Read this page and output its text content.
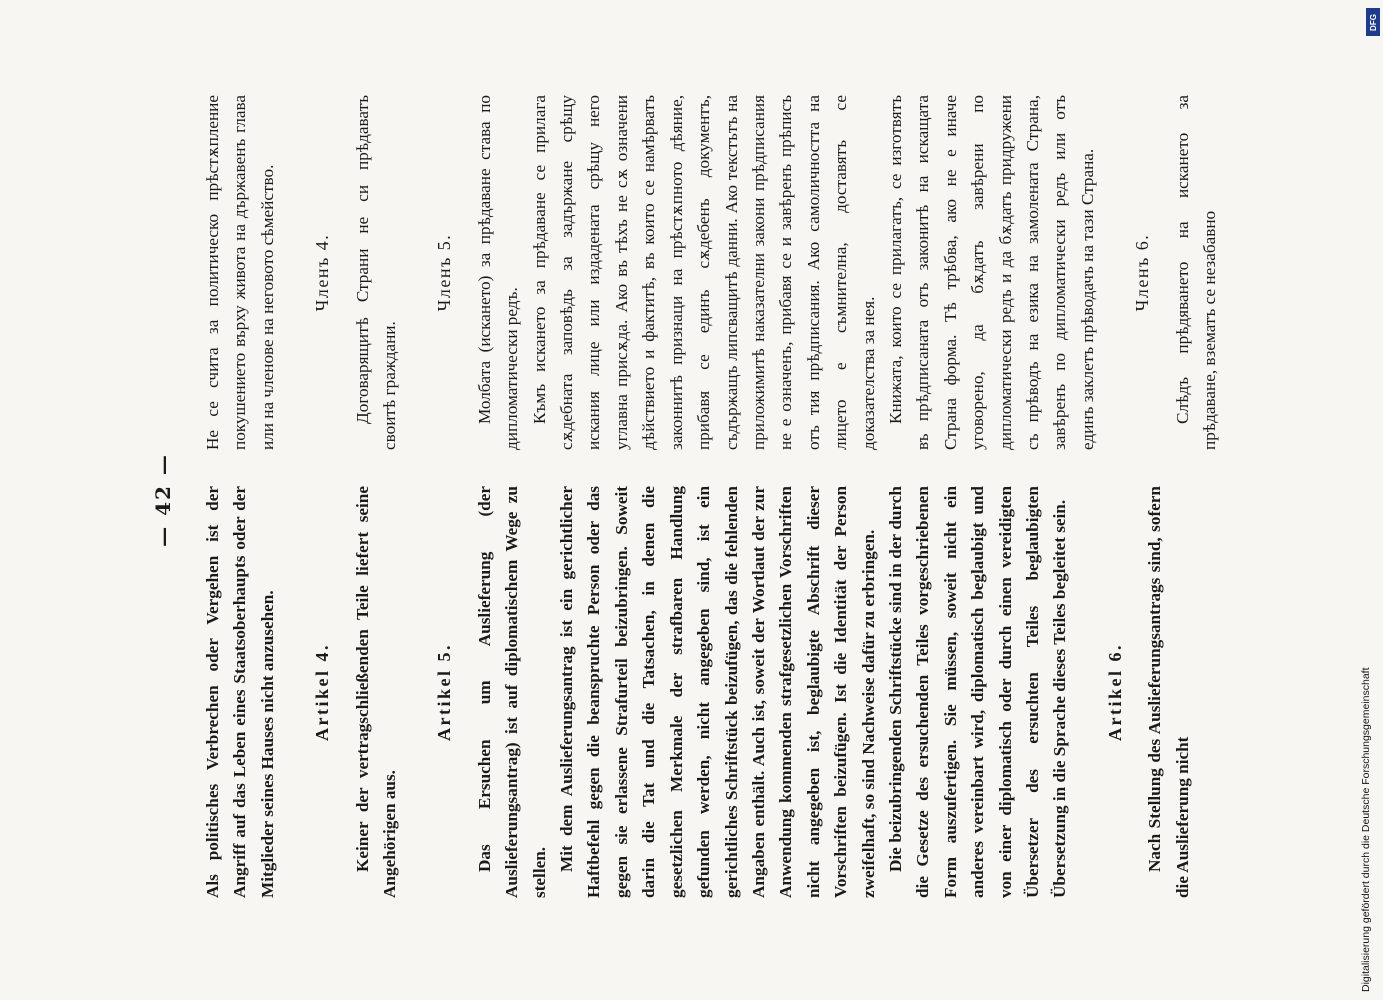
— 42 — Als politisches Verbrechen oder Vergehen ist der Angriff auf das Leben eines Staatsoberhaupts oder der Mitglieder seines Hauses nicht anzusehen. Artikel 4. Keiner der vertragschließenden Teile liefert seine Angehörigen aus.

Artikel 5. Das Ersuchen um Auslieferung (der Auslieferungsantrag) ist auf diplomatischem Wege zu stellen.

Mit dem Auslieferungsantrag ist ein gerichtlicher Haftbefehl gegen die beanspruchte Person oder das gegen sie erlassene Strafurteil beizubringen. Soweit darin die Tat und die Tatsachen, in denen die gesetzlichen Merkmale der strafbaren Handlung gefunden werden, nicht angegeben sind, ist ein gerichtliches Schriftstück beizufügen, das die fehlenden Angaben enthält. Auch ist, soweit der Wortlaut der zur Anwendung kommenden strafgesetzlichen Vorschriften nicht angegeben ist, beglaubigte Abschrift dieser Vorschriften beizufügen. Ist die Identität der Person zweifelhaft, so sind Nachweise dafür zu erbringen. Die beizubringenden Schriftstücke sind in der durch die Gesetze des ersuchenden Teiles vorgeschriebenen Form auszufertigen. Sie müssen, soweit nicht ein anderes vereinbart wird, diplomatisch beglaubigt und von einer diplomatisch oder durch einen vereidigten Übersetzer des ersuchten Teiles beglaubigten Übersetzung in die Sprache dieses Teiles begleitet sein. Artikel 6. Nach Stellung des Auslieferungsantrags sind, sofern die Auslieferung nicht

Не се счита за политическо прѣстѫпление покушението върху живота на държавенъ глава или на членове на неговото сѣмейство. Членъ 4. Договарящитѣ Страни не си прѣдаватъ своитѣ граждани.

Членъ 5. Молбата (искането) за прѣдаване става по дипломатически редъ. Къмъ искането за прѣдаване се прилага сѫдебната заповѣдь за задържане срѣщу искания лице или издадената срѣщу него углавна присѫда. Ако въ тѣхъ не сѫ означени дѣйствието и фактитѣ, въ които се намѣрватъ законнитѣ признаци на прѣстѫпното дѣяние, прибавя се единъ сѫдебенъ документъ, съдържащъ липсващитѣ данни. Ако текстътъ на приложимитѣ наказателни закони прѣдписания не е означенъ, прибавя се и завѣренъ прѣписъ отъ тия прѣдписания. Ако самоличността на лицето е съмнителна, доставятъ се доказателства за нея. Книжата, които се прилагатъ, се изготвятъ въ прѣдписаната отъ законитѣ на искащата Страна форма. Тѣ трѣбва, ако не е иначе уговорено, да бѫдатъ завѣрени по дипломатически редъ и да бѫдатъ придружени съ прѣводъ на езика на замолената Страна, завѣренъ по дипломатически редъ или отъ единъ заклетъ прѣводачъ на тази Страна. Членъ 6. Слѣдъ прѣдяването на искането за прѣдаване, взематъ се незабавно

Digitalisierung gefördert durch die Deutsche Forschungsgemeinschaft
DFG
